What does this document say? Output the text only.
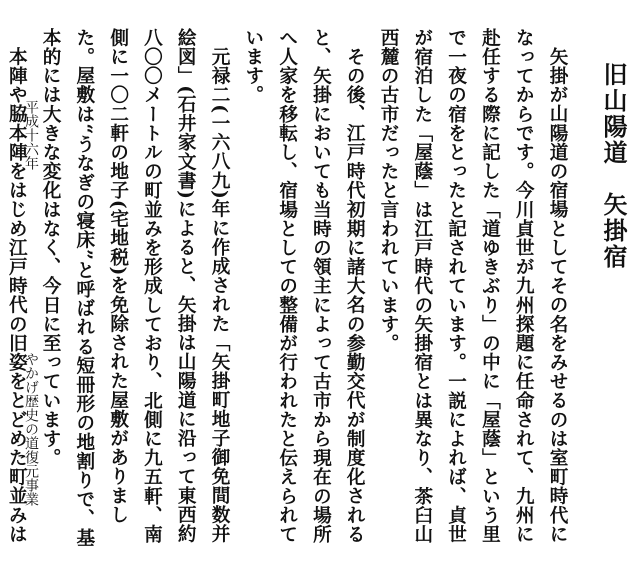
旧山陽道　矢掛宿

矢掛が山陽道の宿場としてその名をみせるのは室町時代になってからです。今川貞世が九州探題に任命されて、九州に赴任する際に記した「道ゆきぶり」の中に「屋蔭」という里で一夜の宿をとったと記されています。一説によれば、貞世が宿泊した「屋蔭」は江戸時代の矢掛宿とは異なり、茶臼山西麓の古市だったと言われています。

その後、江戸時代初期に諸大名の参勤交代が制度化されると、矢掛においても当時の領主によって古市から現在の場所へ人家を移転し、宿場としての整備が行われたと伝えられています。

元禄二(一六八九)年に作成された「矢掛町地子御免間数并絵図」(石井家文書)によると、矢掛は山陽道に沿って東西約八〇〇メートルの町並みを形成しており、北側に九五軒、南側に一〇二軒の地子(宅地税)を免除された屋敷がありました。屋敷は“うなぎの寝床”と呼ばれる短冊形の地割りで、基本的には大きな変化はなく、今日に至っています。

本陣や脇本陣をはじめ江戸時代の旧姿をとどめた町並みは

平成十六年
やかげ歴史の道復元事業
